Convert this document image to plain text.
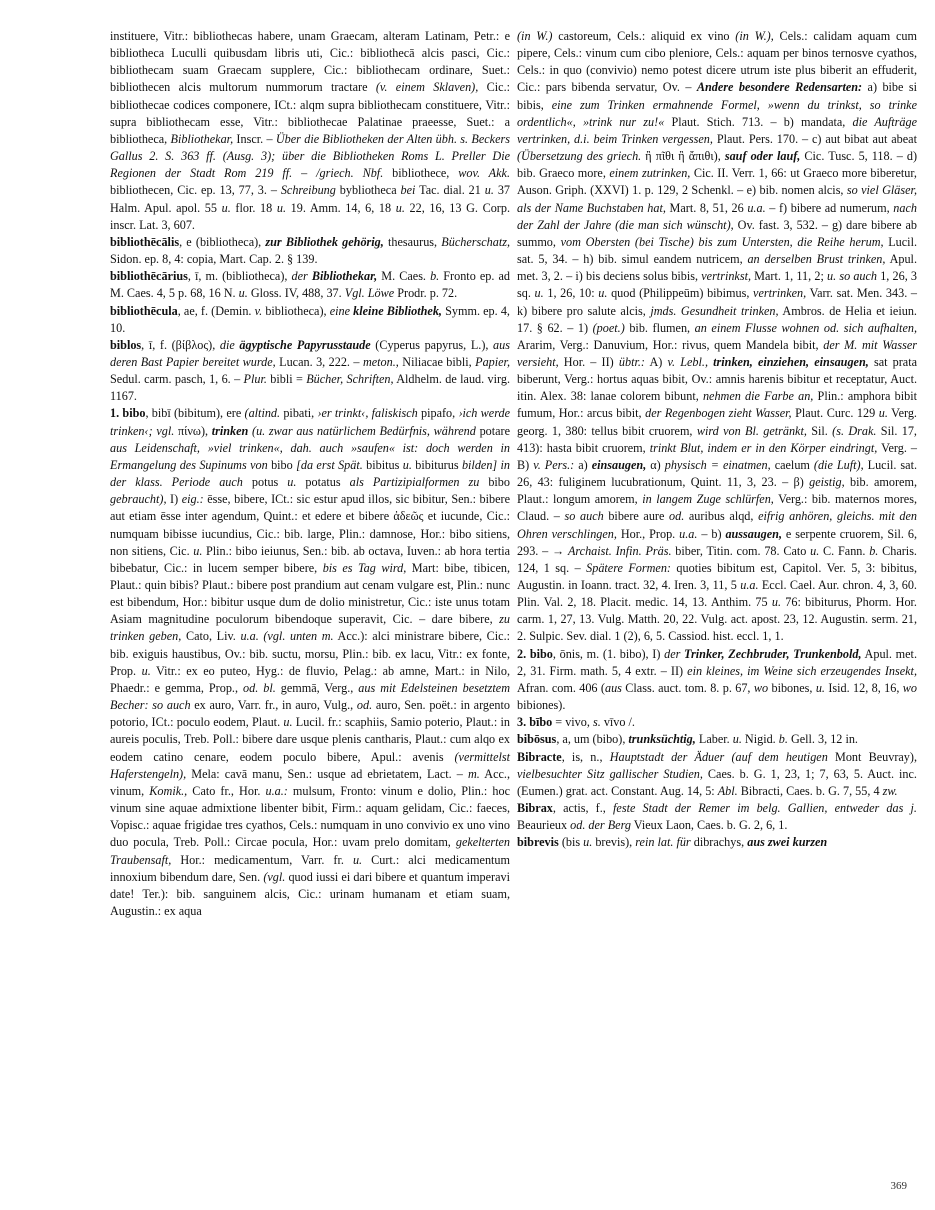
instituere, Vitr.: bibliothecas habere, unam Graecam, alteram Latinam, Petr.: e bibliotheca Luculli quibusdam libris uti, Cic.: bibliothecā alcis pasci, Cic.: bibliothecam suam Graecam supplere, Cic.: bibliothecam ordinare, Suet.: bibliothecen alcis multorum nummorum tractare (v. einem Sklaven), Cic.: bibliothecae codices componere, ICt.: alqm supra bibliothecam constituere, Vitr.: supra bibliothecam esse, Vitr.: bibliothecae Palatinae praeesse, Suet.: a bibliotheca, Bibliothekar, Inscr. – Über die Bibliotheken der Alten übh. s. Beckers Gallus 2. S. 363 ff. (Ausg. 3); über die Bibliotheken Roms L. Preller Die Regionen der Stadt Rom 219 ff. – /griech. Nbf. bibliothece, wov. Akk. bibliothecen, Cic. ep. 13, 77, 3. – Schreibung bybliotheca bei Tac. dial. 21 u. 37 Halm. Apul. apol. 55 u. flor. 18 u. 19. Amm. 14, 6, 18 u. 22, 16, 13 G. Corp. inscr. Lat. 3, 607.

bibliothēcālis, e (bibliotheca), zur Bibliothek gehörig, thesaurus, Bücherschatz, Sidon. ep. 8, 4: copia, Mart. Cap. 2. § 139.

bibliothēcārius, ī, m. (bibliotheca), der Bibliothekar, M. Caes. b. Fronto ep. ad M. Caes. 4, 5 p. 68, 16 N. u. Gloss. IV, 488, 37. Vgl. Löwe Prodr. p. 72.

bibliothēcula, ae, f. (Demin. v. bibliotheca), eine kleine Bibliothek, Symm. ep. 4, 10.

biblos, ī, f. (βίβλος), die ägyptische Papyrusstaude (Cyperus papyrus, L.), aus deren Bast Papier bereitet wurde, Lucan. 3, 222. – meton., Niliacae bibli, Papier, Sedul. carm. pasch, 1, 6. – Plur. bibli = Bücher, Schriften, Aldhelm. de laud. virg. 1167.

1. bibo, bibī (bibitum), ere (altind. pibati, ›er trinkt‹, faliskisch pipafo, ›ich werde trinken‹; vgl. πίνω), trinken (u. zwar aus natürlichem Bedürfnis, während potare aus Leidenschaft, »viel trinken«, dah. auch »saufen« ist: doch werden in Ermangelung des Supinums von bibo [da erst Spät. bibitus u. bibiturus bilden] in der klass. Periode auch potus u. potatus als Partizipialformen zu bibo gebraucht), I) eig.: ēsse, bibere, ICt.: sic estur apud illos, sic bibitur, Sen.: bibere aut etiam ēsse inter agendum, Quint.: et edere et bibere ἀδεῶς et iucunde, Cic.: numquam bibisse iucundius, Cic.: bib. large, Plin.: damnose, Hor.: bibo sitiens, non sitiens, Cic. u. Plin.: bibo ieiunus, Sen.: bib. ab octava, Iuven.: ab hora tertia bibebatur, Cic.: in lucem semper bibere, bis es Tag wird, Mart: bibe, tibicen, Plaut.: quin bibis? Plaut.: bibere post prandium aut cenam vulgare est, Plin.: nunc est bibendum, Hor.: bibitur usque dum de dolio ministretur, Cic.: iste unus totam Asiam magnitudine poculorum bibendoque superavit, Cic. – dare bibere, zu trinken geben, Cato, Liv. u.a. (vgl. unten m. Acc.): alci ministrare bibere, Cic.: bib. exiguis haustibus, Ov.: bib. suctu, morsu, Plin.: bib. ex lacu, Vitr.: ex fonte, Prop. u. Vitr.: ex eo puteo, Hyg.: de fluvio, Pelag.: ab amne, Mart.: in Nilo, Phaedr.: e gemma, Prop., od. bl. gemmā, Verg., aus mit Edelsteinen besetztem Becher: so auch ex auro, Varr. fr., in auro, Vulg., od. auro, Sen. poët.: in argento potorio, ICt.: poculo eodem, Plaut. u. Lucil. fr.: scaphiis, Samio poterio, Plaut.: in aureis poculis, Treb. Poll.: bibere dare usque plenis cantharis, Plaut.: cum alqo ex eodem catino cenare, eodem poculo bibere, Apul.: avenis (vermittelst Haferstengeln), Mela: cavā manu, Sen.: usque ad ebrietatem, Lact. – m. Acc., vinum, Komik., Cato fr., Hor. u.a.: mulsum, Fronto: vinum e dolio, Plin.: hoc vinum sine aquae admixtione libenter bibit, Firm.: aquam gelidam, Cic.: faeces, Vopisc.: aquae frigidae tres cyathos, Cels.: numquam in uno convivio ex uno vino duo pocula, Treb. Poll.: Circae pocula, Hor.: uvam prelo domitam, gekelterten Traubensaft, Hor.: medicamentum, Varr. fr. u. Curt.: alci medicamentum innoxium bibendum dare, Sen. (vgl. quod iussi ei dari bibere et quantum imperavi date! Ter.): bib. sanguinem alcis, Cic.: urinam humanam et etiam suam, Augustin.: ex aqua

(in W.) castoreum, Cels.: aliquid ex vino (in W.), Cels.: calidam aquam cum pipere, Cels.: vinum cum cibo pleniore, Cels.: aquam per binos ternosve cyathos, Cels.: in quo (convivio) nemo potest dicere utrum iste plus biberit an effuderit, Cic.: pars bibenda servatur, Ov. – Andere besondere Redensarten: a) bibe si bibis, eine zum Trinken ermahnende Formel, »wenn du trinkst, so trinke ordentlich«, »trink nur zu!« Plaut. Stich. 713. – b) mandata, die Aufträge vertrinken, d.i. beim Trinken vergessen, Plaut. Pers. 170. – c) aut bibat aut abeat (Übersetzung des griech. ἢ πῖθι ἢ ἄπιθι), sauf oder lauf, Cic. Tusc. 5, 118. – d) bib. Graeco more, einem zutrinken, Cic. II. Verr. 1, 66: ut Graeco more biberetur, Auson. Griph. (XXVI) 1. p. 129, 2 Schenkl. – e) bib. nomen alcis, so viel Gläser, als der Name Buchstaben hat, Mart. 8, 51, 26 u.a. – f) bibere ad numerum, nach der Zahl der Jahre (die man sich wünscht), Ov. fast. 3, 532. – g) dare bibere ab summo, vom Obersten (bei Tische) bis zum Untersten, die Reihe herum, Lucil. sat. 5, 34. – h) bib. simul eandem nutricem, an derselben Brust trinken, Apul. met. 3, 2. – i) bis deciens solus bibis, vertrinkst, Mart. 1, 11, 2; u. so auch 1, 26, 3 sq. u. 1, 26, 10: u. quod (Philippeūm) bibimus, vertrinken, Varr. sat. Men. 343. – k) bibere pro salute alcis, jmds. Gesundheit trinken, Ambros. de Helia et ieiun. 17. § 62. – 1) (poet.) bib. flumen, an einem Flusse wohnen od. sich aufhalten, Ararim, Verg.: Danuvium, Hor.: rivus, quem Mandela bibit, der M. mit Wasser versieht, Hor. – II) übtr.: A) v. Lebl., trinken, einziehen, einsaugen, sat prata biberunt, Verg.: hortus aquas bibit, Ov.: amnis harenis bibitur et receptatur, Auct. itin. Alex. 38: lanae colorem bibunt, nehmen die Farbe an, Plin.: amphora bibit fumum, Hor.: arcus bibit, der Regenbogen zieht Wasser, Plaut. Curc. 129 u. Verg. georg. 1, 380: tellus bibit cruorem, wird von Bl. getränkt, Sil. (s. Drak. Sil. 17, 413): hasta bibit cruorem, trinkt Blut, indem er in den Körper eindringt, Verg. – B) v. Pers.: a) einsaugen, α) physisch = einatmen, caelum (die Luft), Lucil. sat. 26, 43: fuliginem lucubrationum, Quint. 11, 3, 23. – β) geistig, bib. amorem, Plaut.: longum amorem, in langem Zuge schlürfen, Verg.: bib. maternos mores, Claud. – so auch bibere aure od. auribus alqd, eifrig anhören, gleichs. mit den Ohren verschlingen, Hor., Prop. u.a. – b) aussaugen, e serpente cruorem, Sil. 6, 293. – → Archaist. Infin. Präs. biber, Titin. com. 78. Cato u. C. Fann. b. Charis. 124, 1 sq. – Spätere Formen: quoties bibitum est, Capitol. Ver. 5, 3: bibitus, Augustin. in Ioann. tract. 32, 4. Iren. 3, 11, 5 u.a. Eccl. Cael. Aur. chron. 4, 3, 60. Plin. Val. 2, 18. Placit. medic. 14, 13. Anthim. 75 u. 76: bibiturus, Phorm. Hor. carm. 1, 27, 13. Vulg. Matth. 20, 22. Vulg. act. apost. 23, 12. Augustin. serm. 21, 2. Sulpic. Sev. dial. 1 (2), 6, 5. Cassiod. hist. eccl. 1, 1.

2. bibo, ōnis, m. (1. bibo), I) der Trinker, Zechbruder, Trunkenbold, Apul. met. 2, 31. Firm. math. 5, 4 extr. – II) ein kleines, im Weine sich erzeugendes Insekt, Afran. com. 406 (aus Class. auct. tom. 8. p. 67, wo bibones, u. Isid. 12, 8, 16, wo bibiones).

3. bībo = vivo, s. vīvo /.

bibōsus, a, um (bibo), trunksüchtig, Laber. u. Nigid. b. Gell. 3, 12 in.

Bibracte, is, n., Hauptstadt der Äduer (auf dem heutigen Mont Beuvray), vielbesuchter Sitz gallischer Studien, Caes. b. G. 1, 23, 1; 7, 63, 5. Auct. inc. (Eumen.) grat. act. Constant. Aug. 14, 5: Abl. Bibracti, Caes. b. G. 7, 55, 4 zw.

Bibrax, actis, f., feste Stadt der Remer im belg. Gallien, entweder das j. Beaurieux od. der Berg Vieux Laon, Caes. b. G. 2, 6, 1.

bibrevis (bis u. brevis), rein lat. für dibrachys, aus zwei kurzen

369
